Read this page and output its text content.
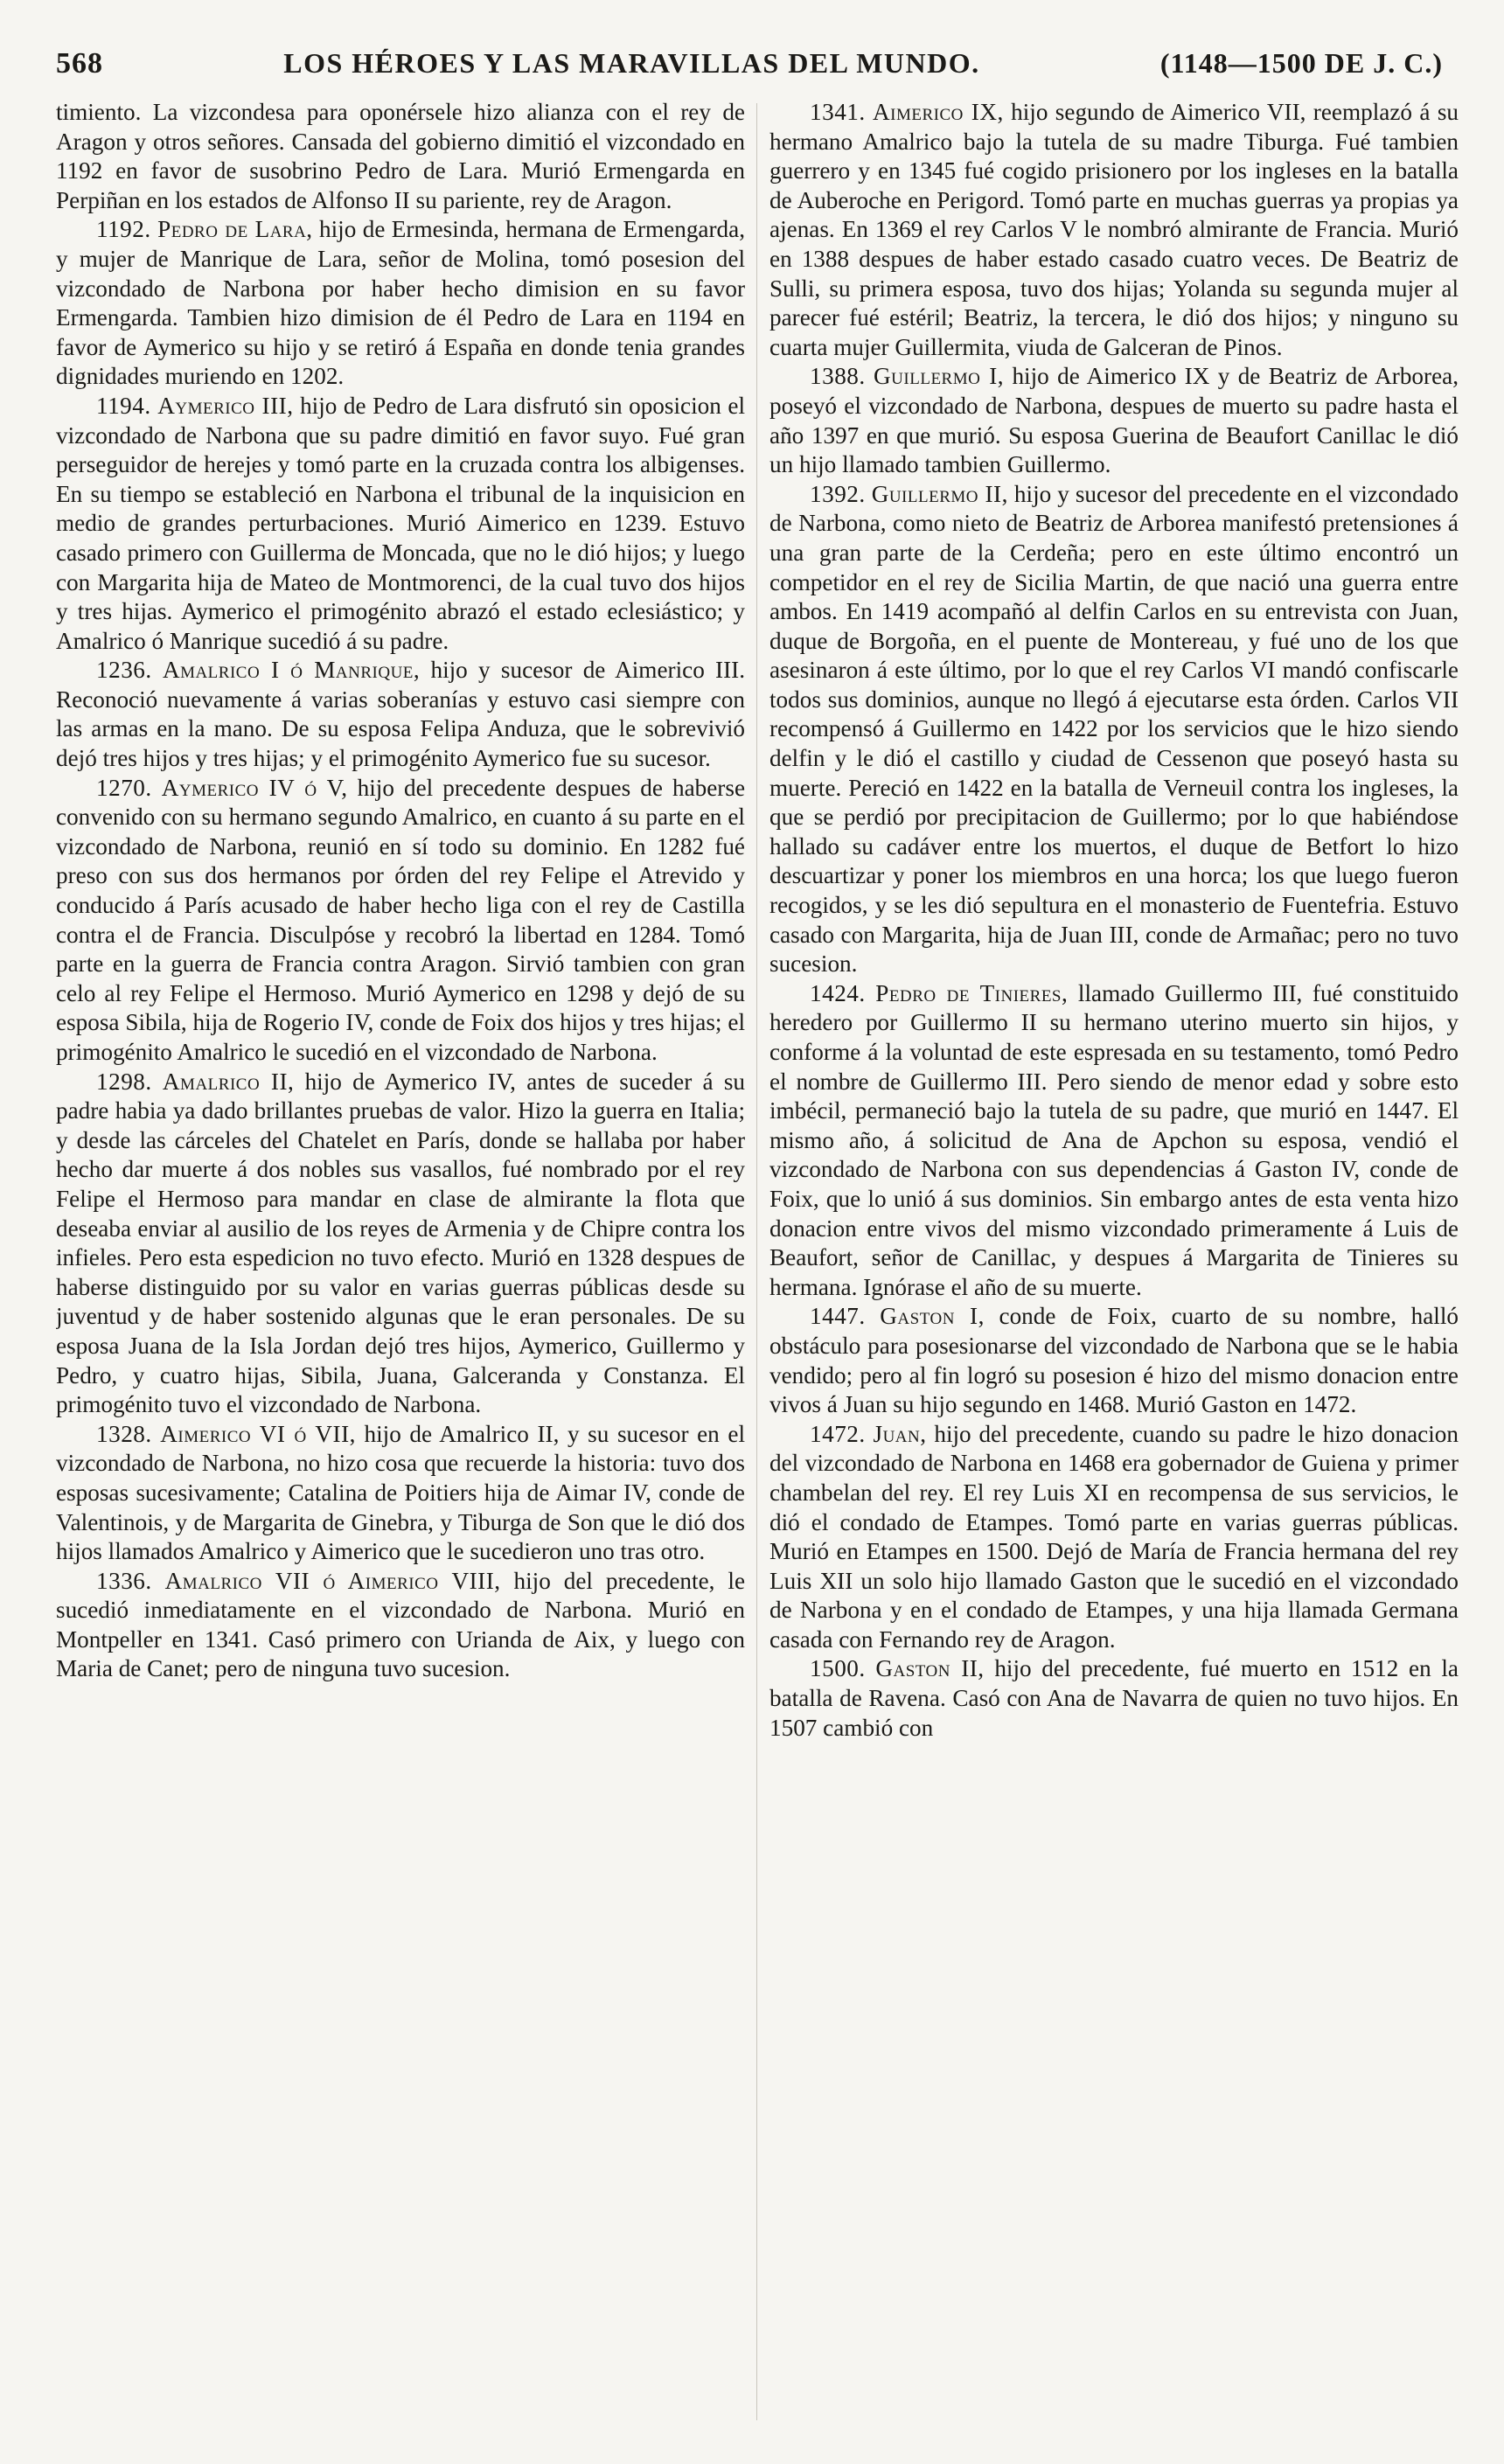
568	LOS HÉROES Y LAS MARAVILLAS DEL MUNDO.	(1148—1500 DE J. C.)

timiento. La vizcondesa para oponérsele hizo alianza con el rey de Aragon y otros señores. Cansada del gobierno dimitió el vizcondado en 1192 en favor de susobrino Pedro de Lara. Murió Ermengarda en Perpiñan en los estados de Alfonso II su pariente, rey de Aragon.

1192. Pedro de Lara, hijo de Ermesinda, hermana de Ermengarda, y mujer de Manrique de Lara, señor de Molina, tomó posesion del vizcondado de Narbona por haber hecho dimision en su favor Ermengarda. Tambien hizo dimision de él Pedro de Lara en 1194 en favor de Aymerico su hijo y se retiró á España en donde tenia grandes dignidades muriendo en 1202.

1194. Aymerico III, hijo de Pedro de Lara disfrutó sin oposicion el vizcondado de Narbona que su padre dimitió en favor suyo. Fué gran perseguidor de herejes y tomó parte en la cruzada contra los albigenses. En su tiempo se estableció en Narbona el tribunal de la inquisicion en medio de grandes perturbaciones. Murió Aimerico en 1239. Estuvo casado primero con Guillerma de Moncada, que no le dió hijos; y luego con Margarita hija de Mateo de Montmorenci, de la cual tuvo dos hijos y tres hijas. Aymerico el primogénito abrazó el estado eclesiástico; y Amalrico ó Manrique sucedió á su padre.

1236. Amalrico I ó Manrique, hijo y sucesor de Aimerico III. Reconoció nuevamente á varias soberanías y estuvo casi siempre con las armas en la mano. De su esposa Felipa Anduza, que le sobrevivió dejó tres hijos y tres hijas; y el primogénito Aymerico fue su sucesor.

1270. Aymerico IV ó V, hijo del precedente despues de haberse convenido con su hermano segundo Amalrico, en cuanto á su parte en el vizcondado de Narbona, reunió en sí todo su dominio. En 1282 fué preso con sus dos hermanos por órden del rey Felipe el Atrevido y conducido á París acusado de haber hecho liga con el rey de Castilla contra el de Francia. Disculpóse y recobró la libertad en 1284. Tomó parte en la guerra de Francia contra Aragon. Sirvió tambien con gran celo al rey Felipe el Hermoso. Murió Aymerico en 1298 y dejó de su esposa Sibila, hija de Rogerio IV, conde de Foix dos hijos y tres hijas; el primogénito Amalrico le sucedió en el vizcondado de Narbona.

1298. Amalrico II, hijo de Aymerico IV, antes de suceder á su padre habia ya dado brillantes pruebas de valor. Hizo la guerra en Italia; y desde las cárceles del Chatelet en París, donde se hallaba por haber hecho dar muerte á dos nobles sus vasallos, fué nombrado por el rey Felipe el Hermoso para mandar en clase de almirante la flota que deseaba enviar al ausilio de los reyes de Armenia y de Chipre contra los infieles. Pero esta espedicion no tuvo efecto. Murió en 1328 despues de haberse distinguido por su valor en varias guerras públicas desde su juventud y de haber sostenido algunas que le eran personales. De su esposa Juana de la Isla Jordan dejó tres hijos, Aymerico, Guillermo y Pedro, y cuatro hijas, Sibila, Juana, Galceranda y Constanza. El primogénito tuvo el vizcondado de Narbona.

1328. Aimerico VI ó VII, hijo de Amalrico II, y su sucesor en el vizcondado de Narbona, no hizo cosa que recuerde la historia: tuvo dos esposas sucesivamente; Catalina de Poitiers hija de Aimar IV, conde de Valentinois, y de Margarita de Ginebra, y Tiburga de Son que le dió dos hijos llamados Amalrico y Aimerico que le sucedieron uno tras otro.

1336. Amalrico VII ó Aimerico VIII, hijo del precedente, le sucedió inmediatamente en el vizcondado de Narbona. Murió en Montpeller en 1341. Casó primero con Urianda de Aix, y luego con Maria de Canet; pero de ninguna tuvo sucesion.

1341. Aimerico IX, hijo segundo de Aimerico VII, reemplazó á su hermano Amalrico bajo la tutela de su madre Tiburga. Fué tambien guerrero y en 1345 fué cogido prisionero por los ingleses en la batalla de Auberoche en Perigord. Tomó parte en muchas guerras ya propias ya ajenas. En 1369 el rey Carlos V le nombró almirante de Francia. Murió en 1388 despues de haber estado casado cuatro veces. De Beatriz de Sulli, su primera esposa, tuvo dos hijas; Yolanda su segunda mujer al parecer fué estéril; Beatriz, la tercera, le dió dos hijos; y ninguno su cuarta mujer Guillermita, viuda de Galceran de Pinos.

1388. Guillermo I, hijo de Aimerico IX y de Beatriz de Arborea, poseyó el vizcondado de Narbona, despues de muerto su padre hasta el año 1397 en que murió. Su esposa Guerina de Beaufort Canillac le dió un hijo llamado tambien Guillermo.

1392. Guillermo II, hijo y sucesor del precedente en el vizcondado de Narbona, como nieto de Beatriz de Arborea manifestó pretensiones á una gran parte de la Cerdeña; pero en este último encontró un competidor en el rey de Sicilia Martin, de que nació una guerra entre ambos. En 1419 acompañó al delfin Carlos en su entrevista con Juan, duque de Borgoña, en el puente de Montereau, y fué uno de los que asesinaron á este último, por lo que el rey Carlos VI mandó confiscarle todos sus dominios, aunque no llegó á ejecutarse esta órden. Carlos VII recompensó á Guillermo en 1422 por los servicios que le hizo siendo delfin y le dió el castillo y ciudad de Cessenon que poseyó hasta su muerte. Pereció en 1422 en la batalla de Verneuil contra los ingleses, la que se perdió por precipitacion de Guillermo; por lo que habiéndose hallado su cadáver entre los muertos, el duque de Betfort lo hizo descuartizar y poner los miembros en una horca; los que luego fueron recogidos, y se les dió sepultura en el monasterio de Fuentefria. Estuvo casado con Margarita, hija de Juan III, conde de Armañac; pero no tuvo sucesion.

1424. Pedro de Tinieres, llamado Guillermo III, fué constituido heredero por Guillermo II su hermano uterino muerto sin hijos, y conforme á la voluntad de este espresada en su testamento, tomó Pedro el nombre de Guillermo III. Pero siendo de menor edad y sobre esto imbécil, permaneció bajo la tutela de su padre, que murió en 1447. El mismo año, á solicitud de Ana de Apchon su esposa, vendió el vizcondado de Narbona con sus dependencias á Gaston IV, conde de Foix, que lo unió á sus dominios. Sin embargo antes de esta venta hizo donacion entre vivos del mismo vizcondado primeramente á Luis de Beaufort, señor de Canillac, y despues á Margarita de Tinieres su hermana. Ignórase el año de su muerte.

1447. Gaston I, conde de Foix, cuarto de su nombre, halló obstáculo para posesionarse del vizcondado de Narbona que se le habia vendido; pero al fin logró su posesion é hizo del mismo donacion entre vivos á Juan su hijo segundo en 1468. Murió Gaston en 1472.

1472. Juan, hijo del precedente, cuando su padre le hizo donacion del vizcondado de Narbona en 1468 era gobernador de Guiena y primer chambelan del rey. El rey Luis XI en recompensa de sus servicios, le dió el condado de Etampes. Tomó parte en varias guerras públicas. Murió en Etampes en 1500. Dejó de María de Francia hermana del rey Luis XII un solo hijo llamado Gaston que le sucedió en el vizcondado de Narbona y en el condado de Etampes, y una hija llamada Germana casada con Fernando rey de Aragon.

1500. Gaston II, hijo del precedente, fué muerto en 1512 en la batalla de Ravena. Casó con Ana de Navarra de quien no tuvo hijos. En 1507 cambió con
